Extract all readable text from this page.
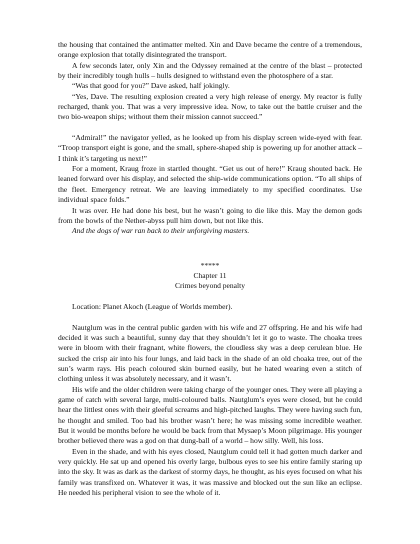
the housing that contained the antimatter melted. Xin and Dave became the centre of a tremendous, orange explosion that totally disintegrated the transport.

A few seconds later, only Xin and the Odyssey remained at the centre of the blast – protected by their incredibly tough hulls – hulls designed to withstand even the photosphere of a star.

“Was that good for you?” Dave asked, half jokingly.

“Yes, Dave. The resulting explosion created a very high release of energy. My reactor is fully recharged, thank you. That was a very impressive idea. Now, to take out the battle cruiser and the two bio-weapon ships; without them their mission cannot succeed.”

“Admiral!” the navigator yelled, as he looked up from his display screen wide-eyed with fear. “Troop transport eight is gone, and the small, sphere-shaped ship is powering up for another attack – I think it’s targeting us next!”

For a moment, Kraug froze in startled thought. “Get us out of here!” Kraug shouted back. He leaned forward over his display, and selected the ship-wide communications option. “To all ships of the fleet. Emergency retreat. We are leaving immediately to my specified coordinates. Use individual space folds.”

It was over. He had done his best, but he wasn’t going to die like this. May the demon gods from the bowls of the Nether-abyss pull him down, but not like this.

And the dogs of war ran back to their unforgiving masters.

*****

Chapter 11

Crimes beyond penalty

Location: Planet Akoch (League of Worlds member).

Nautglum was in the central public garden with his wife and 27 offspring. He and his wife had decided it was such a beautiful, sunny day that they shouldn’t let it go to waste. The choaka trees were in bloom with their fragnant, white flowers, the cloudless sky was a deep cerulean blue. He sucked the crisp air into his four lungs, and laid back in the shade of an old choaka tree, out of the sun’s warm rays. His peach coloured skin burned easily, but he hated wearing even a stitch of clothing unless it was absolutely necessary, and it wasn’t.

His wife and the older children were taking charge of the younger ones. They were all playing a game of catch with several large, multi-coloured balls. Nautglum’s eyes were closed, but he could hear the littlest ones with their gleeful screams and high-pitched laughs. They were having such fun, he thought and smiled. Too bad his brother wasn’t here; he was missing some incredible weather. But it would be months before he would be back from that Mysaep’s Moon pilgrimage. His younger brother believed there was a god on that dung-ball of a world – how silly. Well, his loss.

Even in the shade, and with his eyes closed, Nautglum could tell it had gotten much darker and very quickly. He sat up and opened his overly large, bulbous eyes to see his entire family staring up into the sky. It was as dark as the darkest of stormy days, he thought, as his eyes focused on what his family was transfixed on. Whatever it was, it was massive and blocked out the sun like an eclipse. He needed his peripheral vision to see the whole of it.
